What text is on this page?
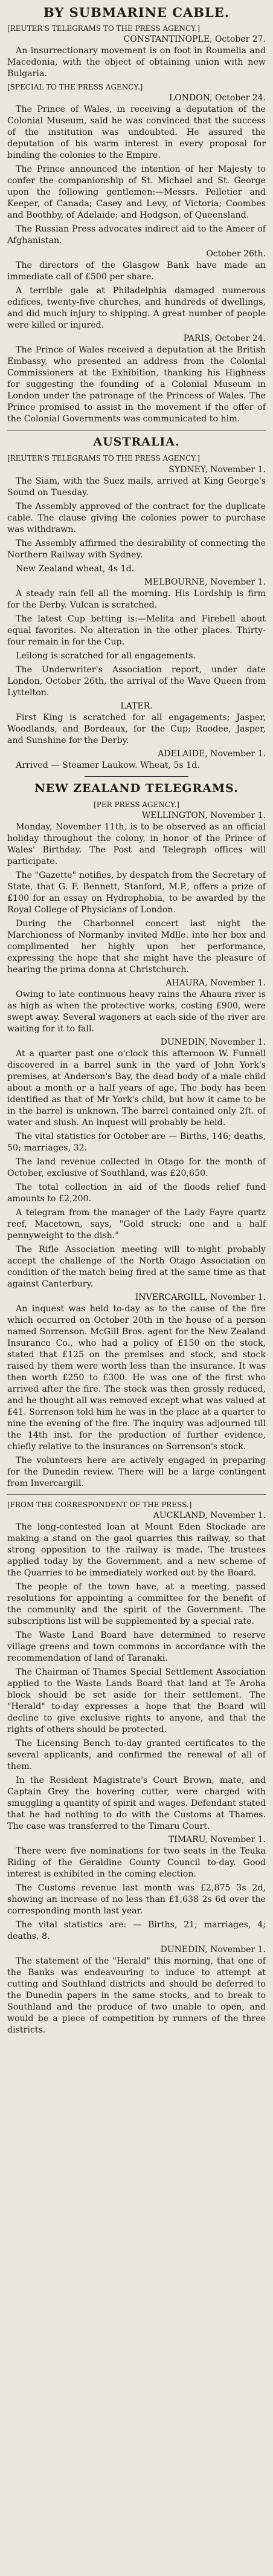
BY SUBMARINE CABLE.
[REUTER'S TELEGRAMS TO THE PRESS AGENCY.]
CONSTANTINOPLE, October 27.

An insurrectionary movement is on foot in Roumelia and Macedonia, with the object of obtaining union with new Bulgaria.

[SPECIAL TO THE PRESS AGENCY.]
LONDON, October 24.

The Prince of Wales, in receiving a deputation of the Colonial Museum, said he was convinced that the success of the institution was undoubted. He assured the deputation of his warm interest in every proposal for binding the colonies to the Empire.

The Prince announced the intention of her Majesty to confer the companionship of St. Michael and St. George upon the following gentlemen:—Messrs. Pelletier and Keeper, of Canada; Casey and Levy, of Victoria; Coombes and Boothby, of Adelaide; and Hodgson, of Queensland.

The Russian Press advocates indirect aid to the Ameer of Afghanistan.

October 26th.

The directors of the Glasgow Bank have made an immediate call of £500 per share.

A terrible gale at Philadelphia damaged numerous edifices, twenty-five churches, and hundreds of dwellings, and did much injury to shipping. A great number of people were killed or injured.

PARIS, October 24.

The Prince of Wales received a deputation at the British Embassy, who presented an address from the Colonial Commissioners at the Exhibition, thanking his Highness for suggesting the founding of a Colonial Museum in London under the patronage of the Princess of Wales. The Prince promised to assist in the movement if the offer of the Colonial Governments was communicated to him.

AUSTRALIA.
[REUTER'S TELEGRAMS TO THE PRESS AGENCY.]
SYDNEY, November 1.

The Siam, with the Suez mails, arrived at King George's Sound on Tuesday.

The Assembly approved of the contract for the duplicate cable. The clause giving the colonies power to purchase was withdrawn.

The Assembly affirmed the desirability of connecting the Northern Railway with Sydney.

New Zealand wheat, 4s 1d.

MELBOURNE, November 1.

A steady rain fell all the morning. His Lordship is firm for the Derby. Vulcan is scratched.

The latest Cup betting is:—Melita and Firebell about equal favorites. No alteration in the other places. Thirty-four remain in for the Cup.

Leilong is scratched for all engagements.

The Underwriter's Association report, under date London, October 26th, the arrival of the Wave Queen from Lyttelton.

LATER.

First King is scratched for all engagements; Jasper, Woodlands, and Bordeaux, for the Cup; Roodee, Jasper, and Sunshine for the Derby.

ADELAIDE, November 1.

Arrived — Steamer Laukow. Wheat, 5s 1d.

NEW ZEALAND TELEGRAMS.
[PER PRESS AGENCY.]
WELLINGTON, November 1.

Monday, November 11th, is to be observed as an official holiday throughout the colony, in honor of the Prince of Wales' Birthday. The Post and Telegraph offices will participate.

The "Gazette" notifies, by despatch from the Secretary of State, that G. F. Bennett, Stanford, M.P., offers a prize of £100 for an essay on Hydrophobia, to be awarded by the Royal College of Physicians of London.

During the Charbonnel concert last night the Marchioness of Normanby invited Mdlle. into her box and complimented her highly upon her performance, expressing the hope that she might have the pleasure of hearing the prima donna at Christchurch.

AHAURA, November 1.

Owing to late continuous heavy rains the Ahaura river is as high as when the protective works, costing £900, were swept away. Several wagoners at each side of the river are waiting for it to fall.

DUNEDIN, November 1.

At a quarter past one o'clock this afternoon W. Funnell discovered in a barrel sunk in the yard of John York's premises, at Anderson's Bay, the dead body of a male child about a month or a half years of age. The body has been identified as that of Mr York's child, but how it came to be in the barrel is unknown. The barrel contained only 2ft. of water and slush. An inquest will probably be held.

The vital statistics for October are — Births, 146; deaths, 50; marriages, 32.

The land revenue collected in Otago for the month of October, exclusive of Southland, was £20,650.

The total collection in aid of the floods relief fund amounts to £2,200.

A telegram from the manager of the Lady Fayre quartz reef, Macetown, says, "Gold struck; one and a half pennyweight to the dish."

The Rifle Association meeting will to-night probably accept the challenge of the North Otago Association on condition of the match being fired at the same time as that against Canterbury.

INVERCARGILL, November 1.

An inquest was held to-day as to the cause of the fire which occurred on October 20th in the house of a person named Sorrenson. McGill Bros. agent for the New Zealand Insurance Co., who had a policy of £150 on the stock, stated that £125 on the premises and stock, and stock raised by them were worth less than the insurance. It was then worth £250 to £300. He was one of the first who arrived after the fire. The stock was then grossly reduced, and he thought all was removed except what was valued at £41. Sorrenson told him he was in the place at a quarter to nine the evening of the fire. The inquiry was adjourned till the 14th inst. for the production of further evidence, chiefly relative to the insurances on Sorrenson's stock.

The volunteers here are actively engaged in preparing for the Dunedin review. There will be a large contingent from Invercargill.

[FROM THE CORRESPONDENT OF THE PRESS.]
AUCKLAND, November 1.

The long-contested loan at Mount Eden Stockade are making a stand on the gaol quarries this railway, so that strong opposition to the railway is made. The trustees applied today by the Government, and a new scheme of the Quarries to be immediately worked out by the Board.

The people of the town have, at a meeting, passed resolutions for appointing a committee for the benefit of the community and the spirit of the Government. The subscriptions list will be supplemented by a special rate.

The Waste Land Board have determined to reserve village greens and town commons in accordance with the recommendation of land of Taranaki.

The Chairman of Thames Special Settlement Association applied to the Waste Lands Board that land at Te Aroha block should be set aside for their settlement. The "Herald" to-day expresses a hope that the Board will decline to give exclusive rights to anyone, and that the rights of others should be protected.

The Licensing Bench to-day granted certificates to the several applicants, and confirmed the renewal of all of them.

In the Resident Magistrate's Court Brown, mate, and Captain Grey the hovering cutter, were charged with smuggling a quantity of spirit and wages. Defendant stated that he had nothing to do with the Customs at Thames. The case was transferred to the Timaru Court.

TIMARU, November 1.

There were five nominations for two seats in the Teuka Riding of the Geraldine County Council to-day. Good interest is exhibited in the coming election.

The Customs revenue last month was £2,875 3s 2d, showing an increase of no less than £1,638 2s 6d over the corresponding month last year.

The vital statistics are: — Births, 21; marriages, 4; deaths, 8.

DUNEDIN, November 1.

The statement of the "Herald" this morning, that one of the Banks was endeavouring to induce to attempt at cutting and Southland districts and should be deferred to the Dunedin papers in the same stocks, and to break to Southland and the produce of two unable to open, and would be a piece of competition by runners of the three districts.
